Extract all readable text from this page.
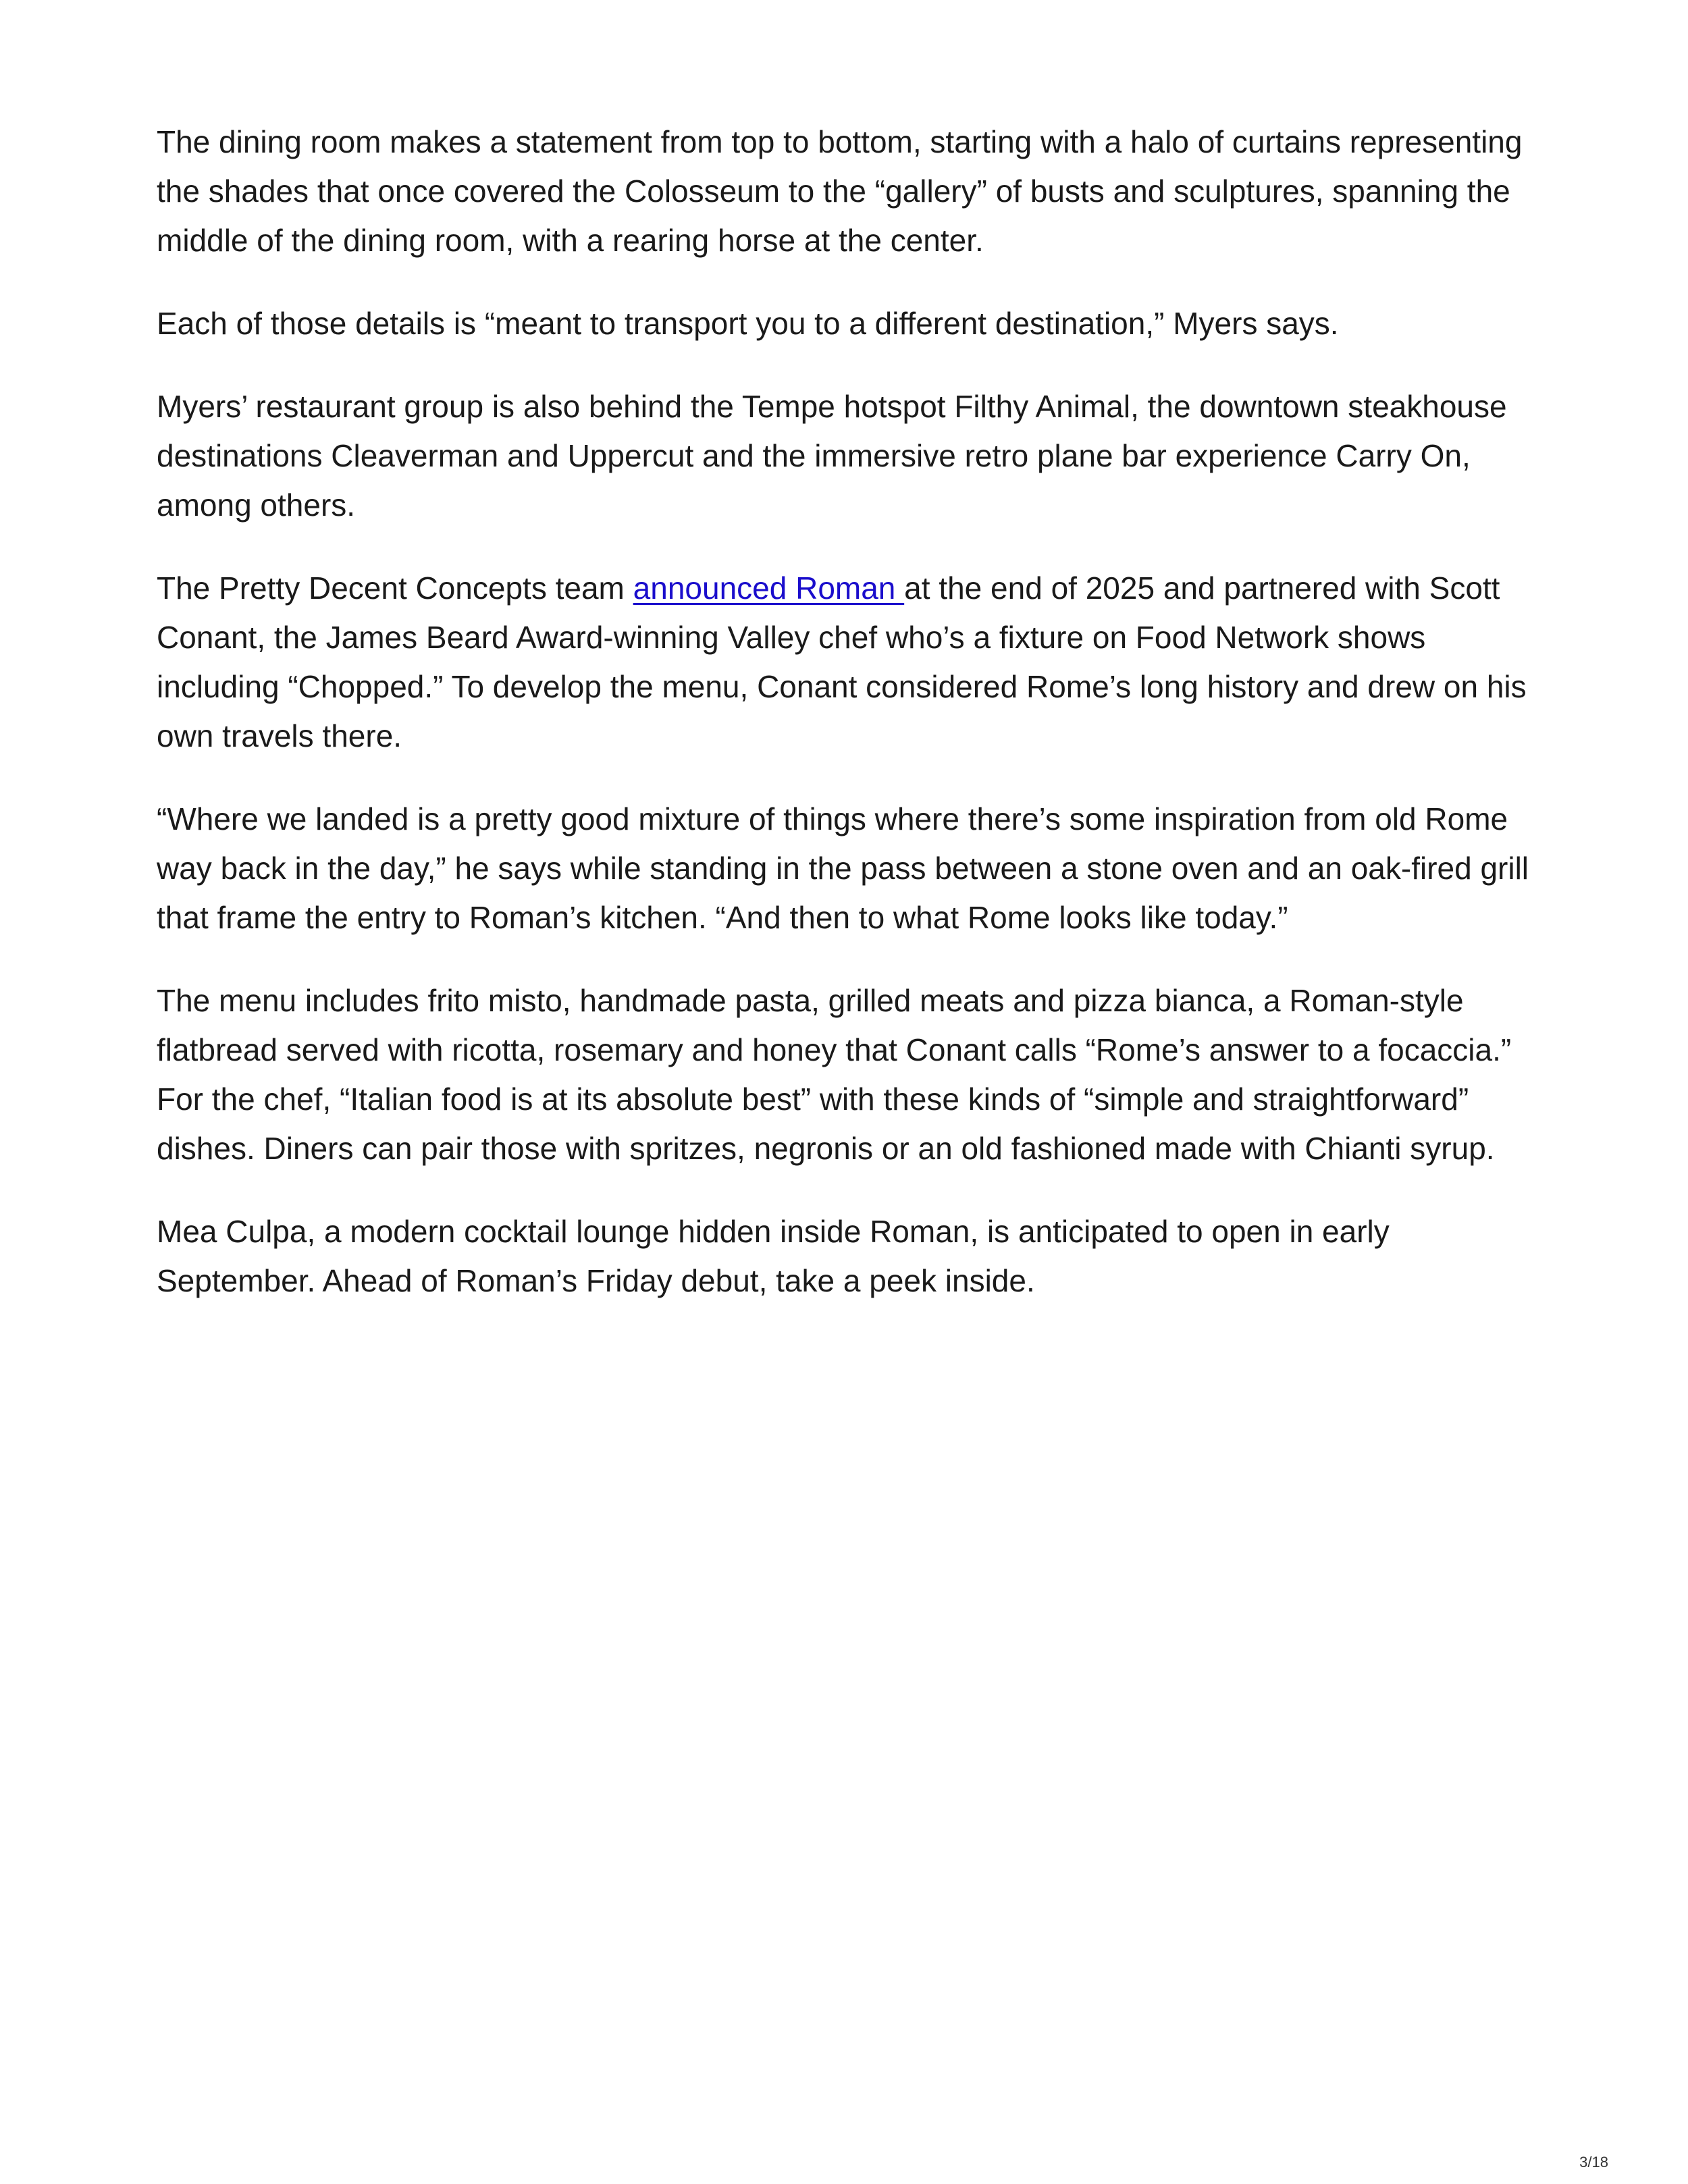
The dining room makes a statement from top to bottom, starting with a halo of curtains representing the shades that once covered the Colosseum to the “gallery” of busts and sculptures, spanning the middle of the dining room, with a rearing horse at the center.

Each of those details is “meant to transport you to a different destination,” Myers says.

Myers’ restaurant group is also behind the Tempe hotspot Filthy Animal, the downtown steakhouse destinations Cleaverman and Uppercut and the immersive retro plane bar experience Carry On, among others.

The Pretty Decent Concepts team announced Roman at the end of 2025 and partnered with Scott Conant, the James Beard Award-winning Valley chef who’s a fixture on Food Network shows including “Chopped.” To develop the menu, Conant considered Rome’s long history and drew on his own travels there.

“Where we landed is a pretty good mixture of things where there’s some inspiration from old Rome way back in the day,” he says while standing in the pass between a stone oven and an oak-fired grill that frame the entry to Roman’s kitchen. “And then to what Rome looks like today.”

The menu includes frito misto, handmade pasta, grilled meats and pizza bianca, a Roman-style flatbread served with ricotta, rosemary and honey that Conant calls “Rome’s answer to a focaccia.” For the chef, “Italian food is at its absolute best” with these kinds of “simple and straightforward” dishes. Diners can pair those with spritzes, negronis or an old fashioned made with Chianti syrup.

Mea Culpa, a modern cocktail lounge hidden inside Roman, is anticipated to open in early September. Ahead of Roman’s Friday debut, take a peek inside.

3/18
